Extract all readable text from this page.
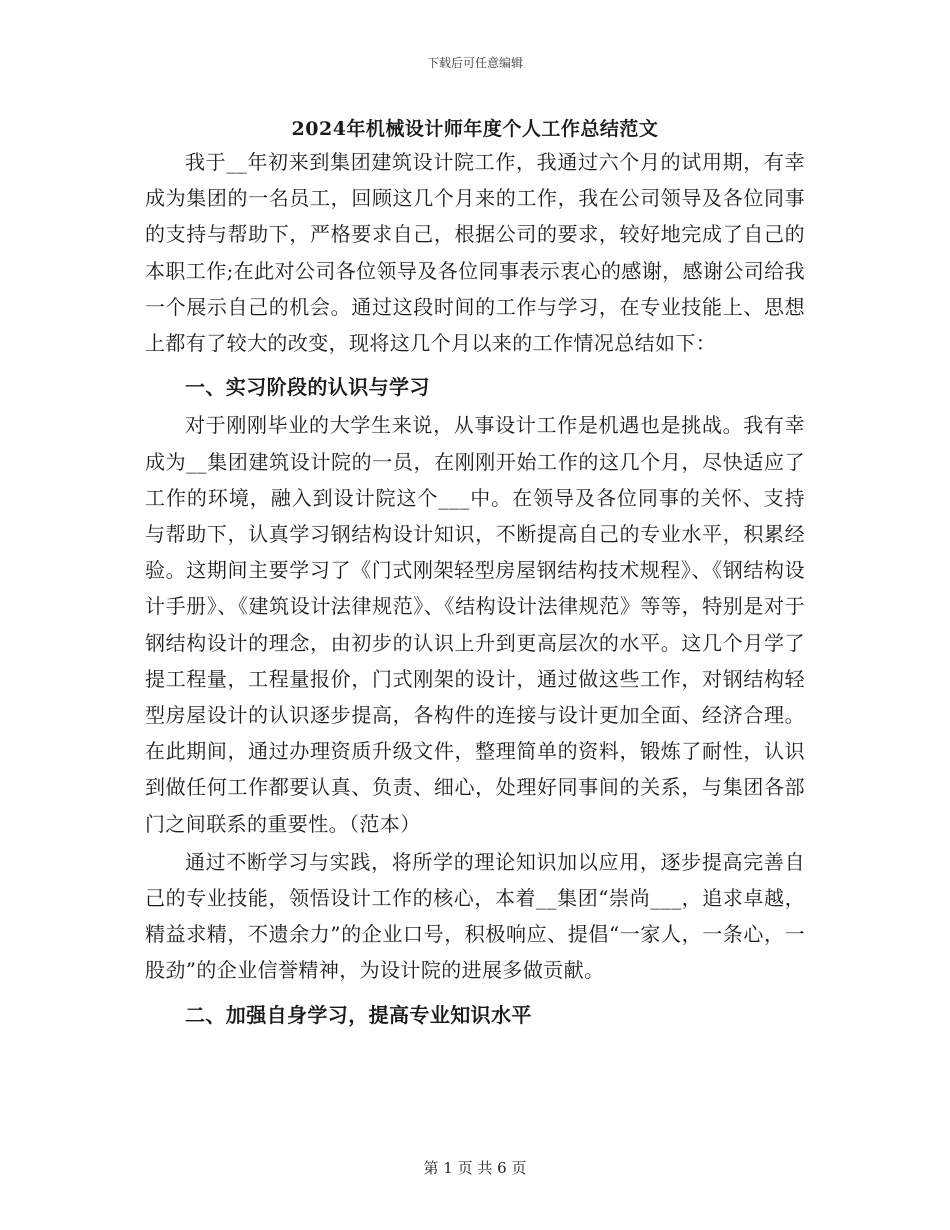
下载后可任意编辑
2024年机械设计师年度个人工作总结范文

我于__年初来到集团建筑设计院工作，我通过六个月的试用期，有幸成为集团的一名员工，回顾这几个月来的工作，我在公司领导及各位同事的支持与帮助下，严格要求自己，根据公司的要求，较好地完成了自己的本职工作;在此对公司各位领导及各位同事表示衷心的感谢，感谢公司给我一个展示自己的机会。通过这段时间的工作与学习，在专业技能上、思想上都有了较大的改变，现将这几个月以来的工作情况总结如下：

一、实习阶段的认识与学习

对于刚刚毕业的大学生来说，从事设计工作是机遇也是挑战。我有幸成为__集团建筑设计院的一员，在刚刚开始工作的这几个月，尽快适应了工作的环境，融入到设计院这个___中。在领导及各位同事的关怀、支持与帮助下，认真学习钢结构设计知识，不断提高自己的专业水平，积累经验。这期间主要学习了《门式刚架轻型房屋钢结构技术规程》、《钢结构设计手册》、《建筑设计法律规范》、《结构设计法律规范》等等，特别是对于钢结构设计的理念，由初步的认识上升到更高层次的水平。这几个月学了提工程量，工程量报价，门式刚架的设计，通过做这些工作，对钢结构轻型房屋设计的认识逐步提高，各构件的连接与设计更加全面、经济合理。在此期间，通过办理资质升级文件，整理简单的资料，锻炼了耐性，认识到做任何工作都要认真、负责、细心，处理好同事间的关系，与集团各部门之间联系的重要性。（范本）

通过不断学习与实践，将所学的理论知识加以应用，逐步提高完善自己的专业技能，领悟设计工作的核心，本着__集团“崇尚___，追求卓越，精益求精，不遗余力”的企业口号，积极响应、提倡“一家人，一条心，一股劲”的企业信誉精神，为设计院的进展多做贡献。

二、加强自身学习，提高专业知识水平
第 1 页 共 6 页
